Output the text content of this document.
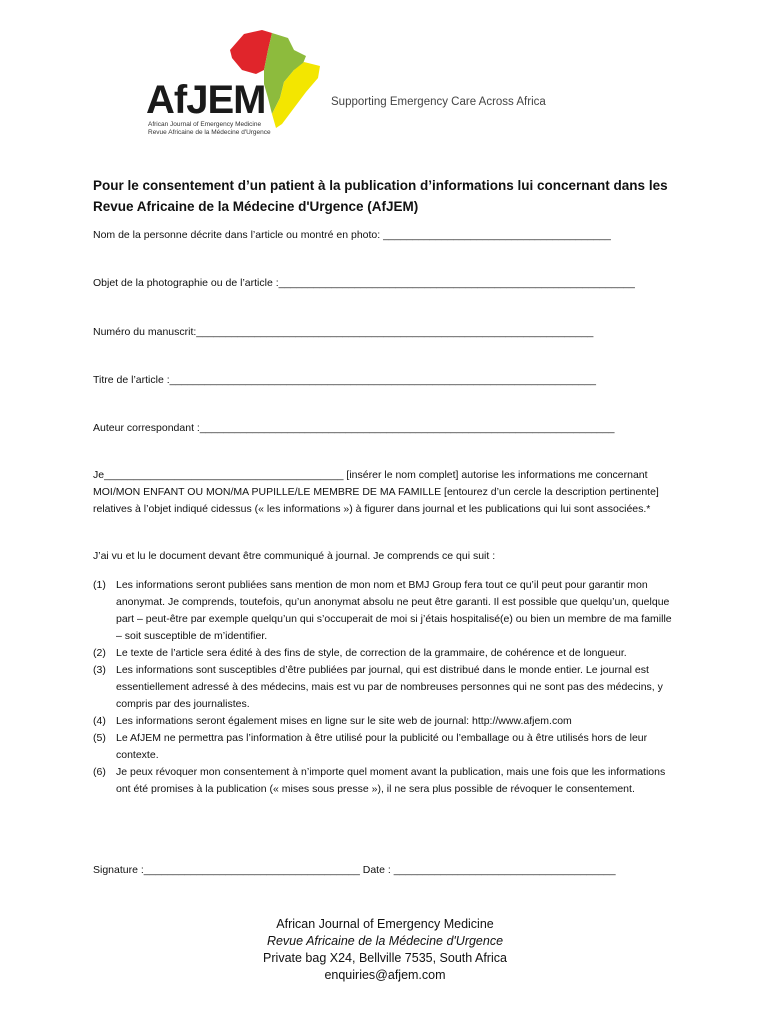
AfJEM
African Journal of Emergency Medicine
Revue Africaine de la Médecine d'Urgence
Supporting Emergency Care Across Africa
Pour le consentement d’un patient à la publication d’informations lui concernant dans les Revue Africaine de la Médecine d'Urgence (AfJEM)
Nom de la personne décrite dans l’article ou montré en photo: _______________________________________
Objet de la photographie ou de l’article :_____________________________________________________________
Numéro du manuscrit:____________________________________________________________________
Titre de l’article :_________________________________________________________________________
Auteur correspondant :_______________________________________________________________________
Je_________________________________________ [insérer le nom complet] autorise les informations me concernant MOI/MON ENFANT OU MON/MA PUPILLE/LE MEMBRE DE MA FAMILLE [entourez d’un cercle la description pertinente] relatives à l’objet indiqué cidessus (« les informations ») à figurer dans journal et les publications qui lui sont associées.*
J’ai vu et lu le document devant être communiqué à journal. Je comprends ce qui suit :
(1) Les informations seront publiées sans mention de mon nom et BMJ Group fera tout ce qu’il peut pour garantir mon anonymat. Je comprends, toutefois, qu’un anonymat absolu ne peut être garanti. Il est possible que quelqu’un, quelque part – peut-être par exemple quelqu’un qui s’occuperait de moi si j’étais hospitalisé(e) ou bien un membre de ma famille – soit susceptible de m’identifier.
(2) Le texte de l’article sera édité à des fins de style, de correction de la grammaire, de cohérence et de longueur.
(3) Les informations sont susceptibles d’être publiées par journal, qui est distribué dans le monde entier. Le journal est essentiellement adressé à des médecins, mais est vu par de nombreuses personnes qui ne sont pas des médecins, y compris par des journalistes.
(4) Les informations seront également mises en ligne sur le site web de journal: http://www.afjem.com
(5) Le AfJEM ne permettra pas l’information à être utilisé pour la publicité ou l’emballage ou à être utilisés hors de leur contexte.
(6) Je peux révoquer mon consentement à n’importe quel moment avant la publication, mais une fois que les informations ont été promises à la publication (« mises sous presse »), il ne sera plus possible de révoquer le consentement.
Signature :_____________________________________ Date : ______________________________________
African Journal of Emergency Medicine
Revue Africaine de la Médecine d'Urgence
Private bag X24, Bellville 7535, South Africa
enquiries@afjem.com
